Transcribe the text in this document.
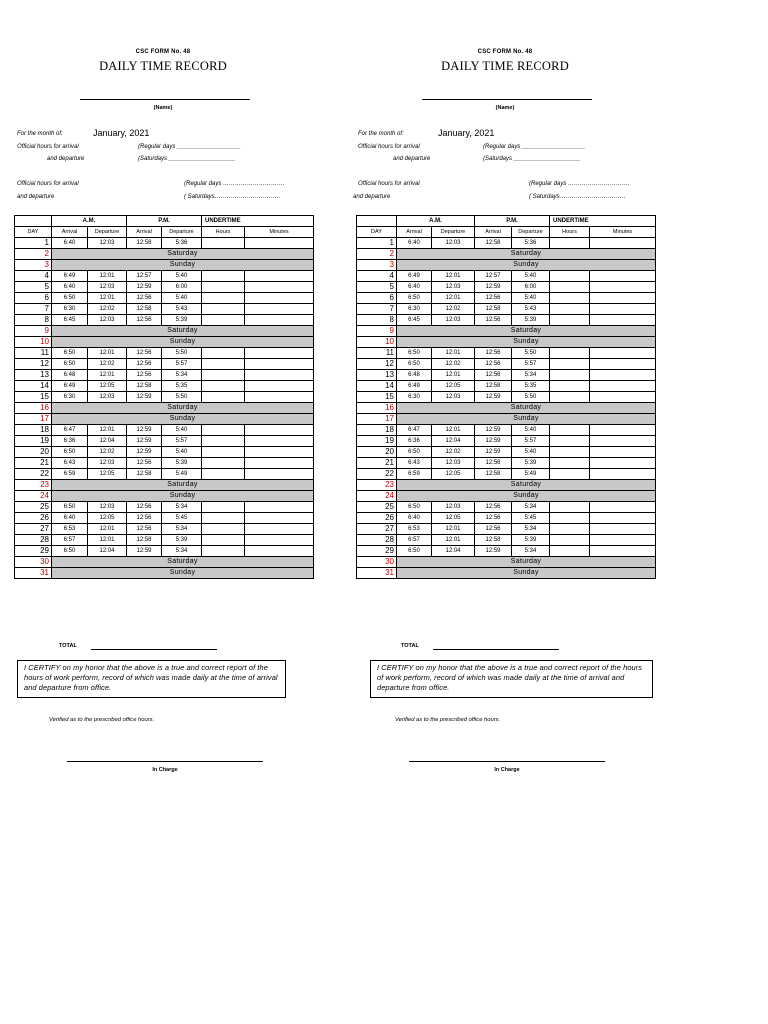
CSC FORM No. 48
DAILY TIME RECORD
(Name)
For the month of:	January, 2021
Official hours for arrival	(Regular days ___________________
and departure	(Saturdays ____________________
Official hours for arrival	(Regular days ………………………….
and departure	( Saturdays……………………………
	A.M.		P.M.		UNDERTIME	
DAY	Arrival	Departure	Arrival	Departure	Hours	Minutes
1	6:40	12:03	12:58	5:36		
2	Saturday					
3	Sunday					
4	6:49	12:01	12:57	5:40		
5	6:40	12:03	12:59	6:00		
6	6:50	12:01	12:56	5:40		
7	6:30	12:02	12:58	5:43		
8	6:45	12:03	12:56	5:39		
9	Saturday					
10	Sunday					
11	6:50	12:01	12:56	5:50		
12	6:50	12:02	12:56	5:57		
13	6:48	12:01	12:56	5:34		
14	6:49	12:05	12:58	5:35		
15	6:30	12:03	12:59	5:50		
16	Saturday					
17	Sunday					
18	6:47	12:01	12:59	5:40		
19	6:36	12:04	12:59	5:57		
20	6:50	12:02	12:59	5:40		
21	6:43	12:03	12:56	5:39		
22	6:59	12:05	12:58	5:49		
23	Saturday					
24	Sunday					
25	6:50	12:03	12:56	5:34		
26	6:40	12:05	12:56	5:45		
27	6:53	12:01	12:56	5:34		
28	6:57	12:01	12:58	5:39		
29	6:50	12:04	12:59	5:34		
30	Saturday					
31	Sunday					
TOTAL
I CERTIFY on my honor that the above is a true and correct report of the hours of work perform, record of which was made daily at the time of arrival and departure from office.
Verified as to the prescribed office hours.
In Charge
CSC FORM No. 48
DAILY TIME RECORD
(Name)
For the month of:	January, 2021
Official hours for arrival	(Regular days ___________________
and departure	(Saturdays ____________________
Official hours for arrival	(Regular days ………………………….
and departure	( Saturdays……………………………
	A.M.		P.M.		UNDERTIME	
DAY	Arrival	Departure	Arrival	Departure	Hours	Minutes
1	6:40	12:03	12:58	5:36		
2	Saturday					
3	Sunday					
4	6:49	12:01	12:57	5:40		
5	6:40	12:03	12:59	6:00		
6	6:50	12:01	12:56	5:40		
7	6:30	12:02	12:58	5:43		
8	6:45	12:03	12:56	5:39		
9	Saturday					
10	Sunday					
11	6:50	12:01	12:56	5:50		
12	6:50	12:02	12:56	5:57		
13	6:48	12:01	12:56	5:34		
14	6:49	12:05	12:58	5:35		
15	6:30	12:03	12:59	5:50		
16	Saturday					
17	Sunday					
18	6:47	12:01	12:59	5:40		
19	6:36	12:04	12:59	5:57		
20	6:50	12:02	12:59	5:40		
21	6:43	12:03	12:56	5:39		
22	6:59	12:05	12:58	5:49		
23	Saturday					
24	Sunday					
25	6:50	12:03	12:56	5:34		
26	6:40	12:05	12:56	5:45		
27	6:53	12:01	12:56	5:34		
28	6:57	12:01	12:58	5:39		
29	6:50	12:04	12:59	5:34		
30	Saturday					
31	Sunday					
TOTAL
I CERTIFY on my honor that the above is a true and correct report of the hours of work perform, record of which was made daily at the time of arrival and departure from office.
Verified as to the prescribed office hours.
In Charge
